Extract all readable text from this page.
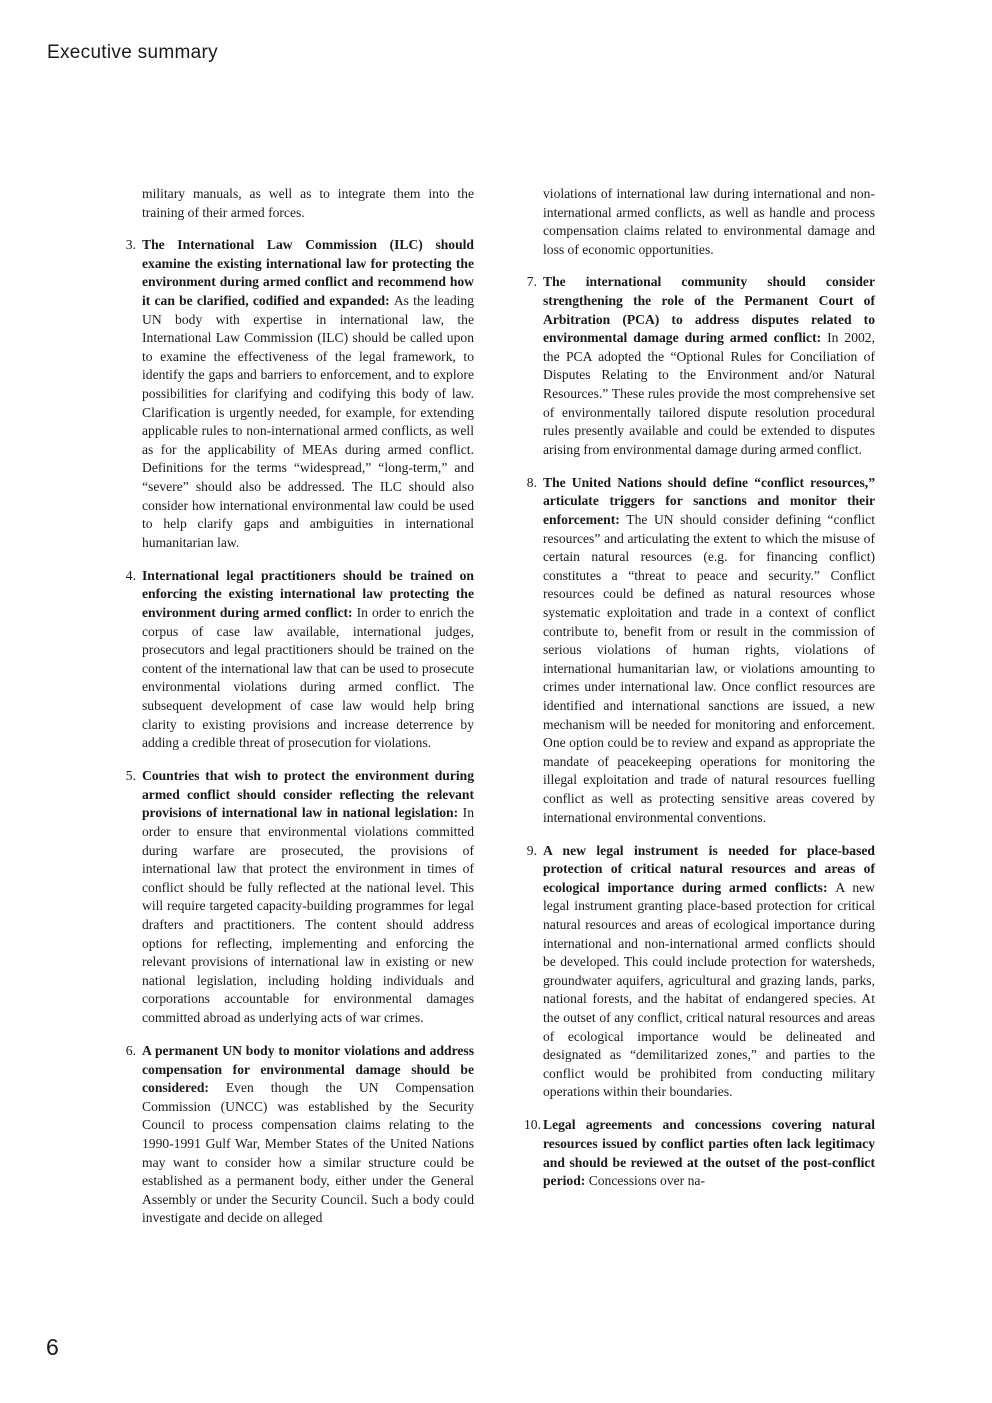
Executive summary

military manuals, as well as to integrate them into the training of their armed forces.

3. The International Law Commission (ILC) should examine the existing international law for protecting the environment during armed conflict and recommend how it can be clarified, codified and expanded: As the leading UN body with expertise in international law, the International Law Commission (ILC) should be called upon to examine the effectiveness of the legal framework, to identify the gaps and barriers to enforcement, and to explore possibilities for clarifying and codifying this body of law. Clarification is urgently needed, for example, for extending applicable rules to non-international armed conflicts, as well as for the applicability of MEAs during armed conflict. Definitions for the terms “widespread,” “long-term,” and “severe” should also be addressed. The ILC should also consider how international environmental law could be used to help clarify gaps and ambiguities in international humanitarian law.
4. International legal practitioners should be trained on enforcing the existing international law protecting the environment during armed conflict: In order to enrich the corpus of case law available, international judges, prosecutors and legal practitioners should be trained on the content of the international law that can be used to prosecute environmental violations during armed conflict. The subsequent development of case law would help bring clarity to existing provisions and increase deterrence by adding a credible threat of prosecution for violations.
5. Countries that wish to protect the environment during armed conflict should consider reflecting the relevant provisions of international law in national legislation: In order to ensure that environmental violations committed during warfare are prosecuted, the provisions of international law that protect the environment in times of conflict should be fully reflected at the national level. This will require targeted capacity-building programmes for legal drafters and practitioners. The content should address options for reflecting, implementing and enforcing the relevant provisions of international law in existing or new national legislation, including holding individuals and corporations accountable for environmental damages committed abroad as underlying acts of war crimes.
6. A permanent UN body to monitor violations and address compensation for environmental damage should be considered: Even though the UN Compensation Commission (UNCC) was established by the Security Council to process compensation claims relating to the 1990-1991 Gulf War, Member States of the United Nations may want to consider how a similar structure could be established as a permanent body, either under the General Assembly or under the Security Council. Such a body could investigate and decide on alleged

violations of international law during international and non-international armed conflicts, as well as handle and process compensation claims related to environmental damage and loss of economic opportunities.

7. The international community should consider strengthening the role of the Permanent Court of Arbitration (PCA) to address disputes related to environmental damage during armed conflict: In 2002, the PCA adopted the “Optional Rules for Conciliation of Disputes Relating to the Environment and/or Natural Resources.” These rules provide the most comprehensive set of environmentally tailored dispute resolution procedural rules presently available and could be extended to disputes arising from environmental damage during armed conflict.
8. The United Nations should define “conflict resources,” articulate triggers for sanctions and monitor their enforcement: The UN should consider defining “conflict resources” and articulating the extent to which the misuse of certain natural resources (e.g. for financing conflict) constitutes a “threat to peace and security.” Conflict resources could be defined as natural resources whose systematic exploitation and trade in a context of conflict contribute to, benefit from or result in the commission of serious violations of human rights, violations of international humanitarian law, or violations amounting to crimes under international law. Once conflict resources are identified and international sanctions are issued, a new mechanism will be needed for monitoring and enforcement. One option could be to review and expand as appropriate the mandate of peacekeeping operations for monitoring the illegal exploitation and trade of natural resources fuelling conflict as well as protecting sensitive areas covered by international environmental conventions.
9. A new legal instrument is needed for place-based protection of critical natural resources and areas of ecological importance during armed conflicts: A new legal instrument granting place-based protection for critical natural resources and areas of ecological importance during international and non-international armed conflicts should be developed. This could include protection for watersheds, groundwater aquifers, agricultural and grazing lands, parks, national forests, and the habitat of endangered species. At the outset of any conflict, critical natural resources and areas of ecological importance would be delineated and designated as “demilitarized zones,” and parties to the conflict would be prohibited from conducting military operations within their boundaries.
10. Legal agreements and concessions covering natural resources issued by conflict parties often lack legitimacy and should be reviewed at the outset of the post-conflict period: Concessions over na-
6
